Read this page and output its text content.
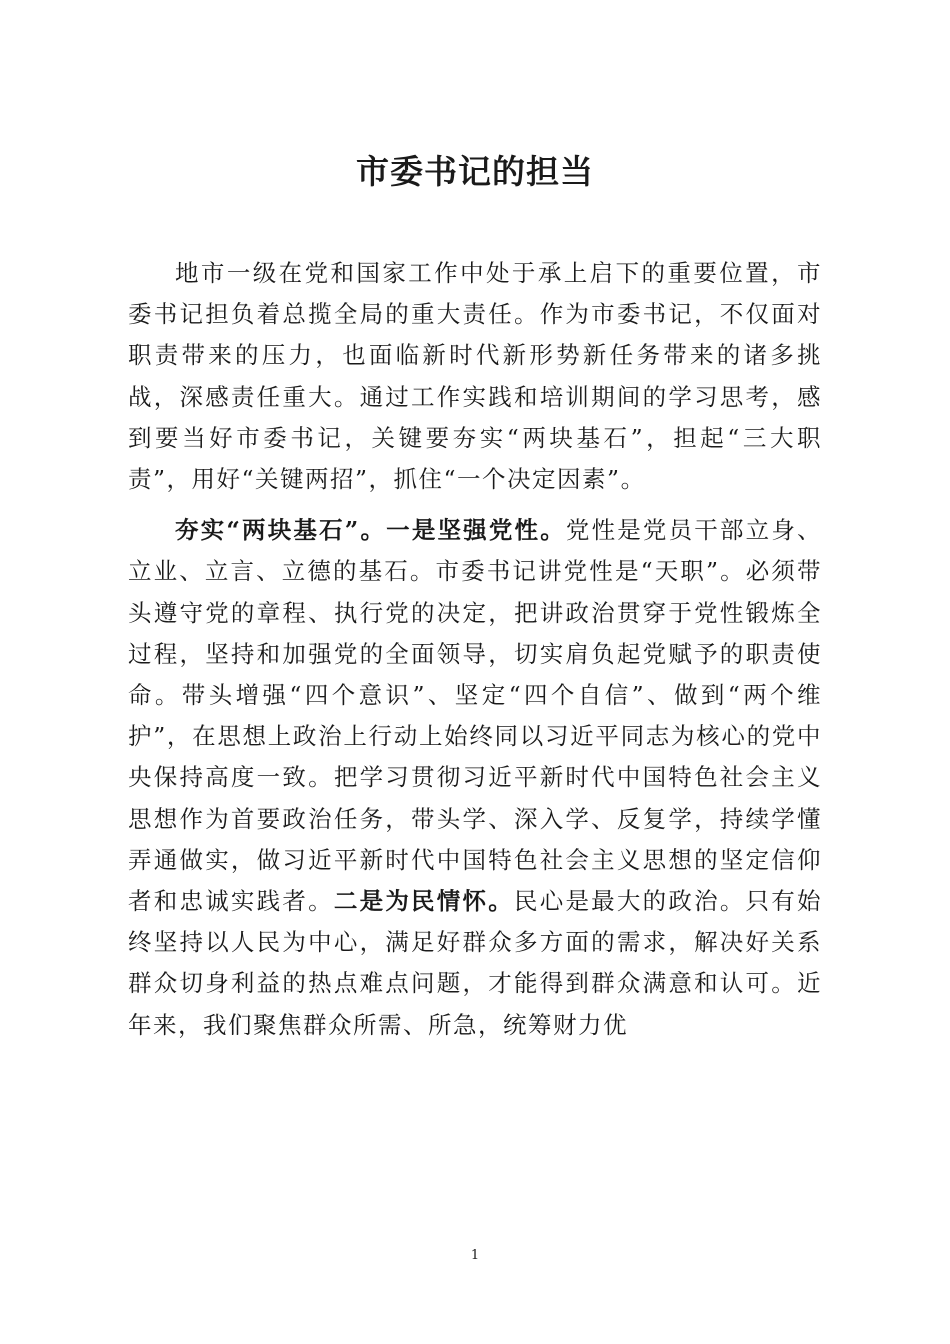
市委书记的担当

地市一级在党和国家工作中处于承上启下的重要位置，市委书记担负着总揽全局的重大责任。作为市委书记，不仅面对职责带来的压力，也面临新时代新形势新任务带来的诸多挑战，深感责任重大。通过工作实践和培训期间的学习思考，感到要当好市委书记，关键要夯实“两块基石”，担起“三大职责”，用好“关键两招”，抓住“一个决定因素”。

夯实“两块基石”。一是坚强党性。党性是党员干部立身、立业、立言、立德的基石。市委书记讲党性是“天职”。必须带头遵守党的章程、执行党的决定，把讲政治贯穿于党性锻炼全过程，坚持和加强党的全面领导，切实肩负起党赋予的职责使命。带头增强“四个意识”、坚定“四个自信”、做到“两个维护”，在思想上政治上行动上始终同以习近平同志为核心的党中央保持高度一致。把学习贯彻习近平新时代中国特色社会主义思想作为首要政治任务，带头学、深入学、反复学，持续学懂弄通做实，做习近平新时代中国特色社会主义思想的坚定信仰者和忠诚实践者。二是为民情怀。民心是最大的政治。只有始终坚持以人民为中心，满足好群众多方面的需求，解决好关系群众切身利益的热点难点问题，才能得到群众满意和认可。近年来，我们聚焦群众所需、所急，统筹财力优

1
